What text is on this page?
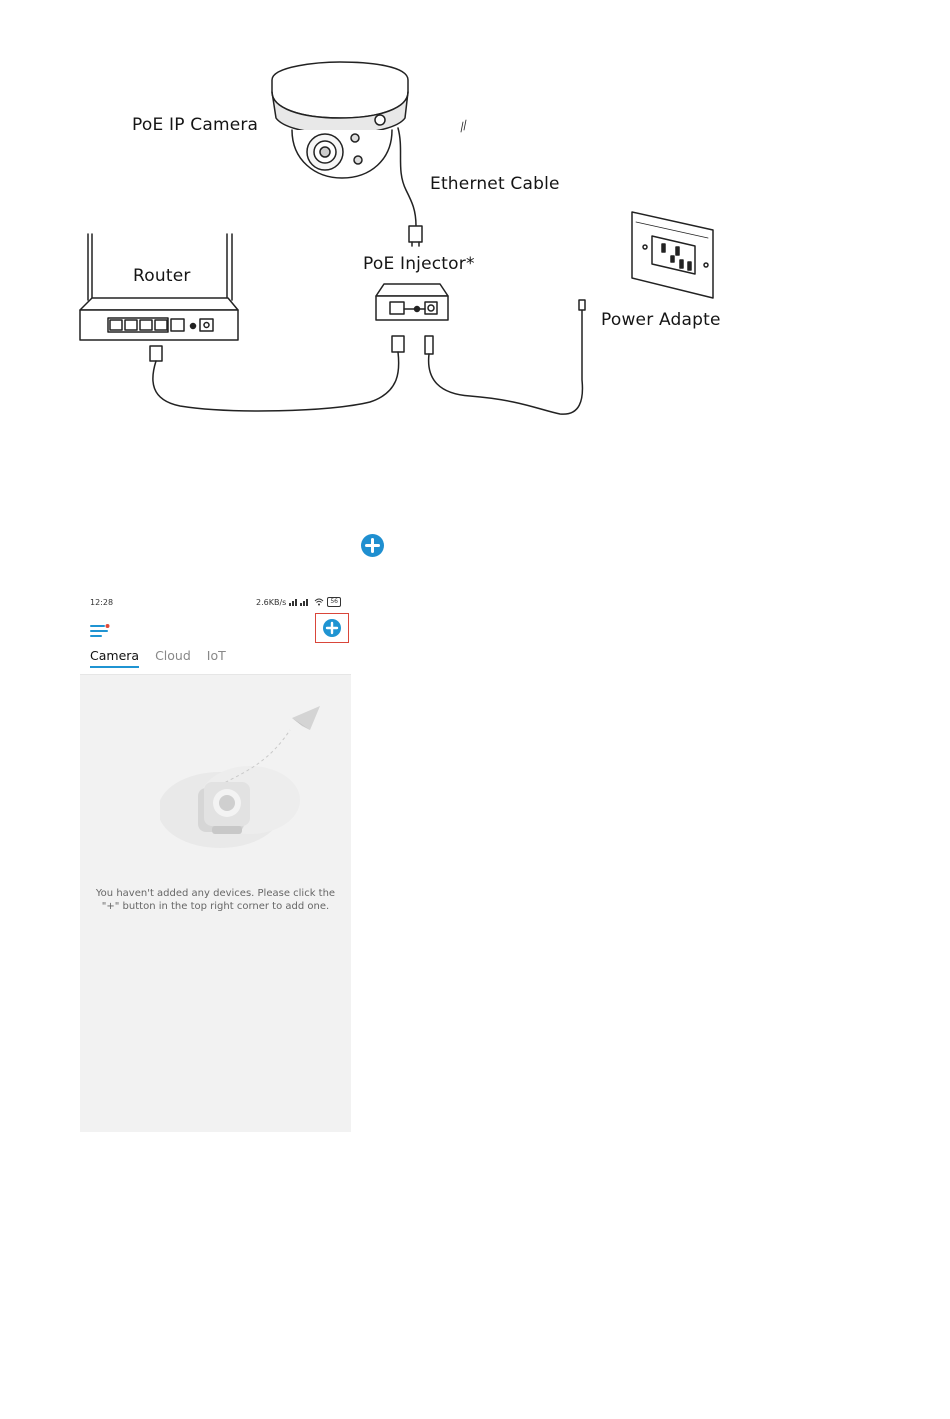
PoE IP Camera
Ethernet Cable
Router
PoE Injector*
Power Adapte
12:28	2.6KB/s	56
Camera Cloud IoT
You haven't added any devices. Please click the
"+" button in the top right corner to add one.
